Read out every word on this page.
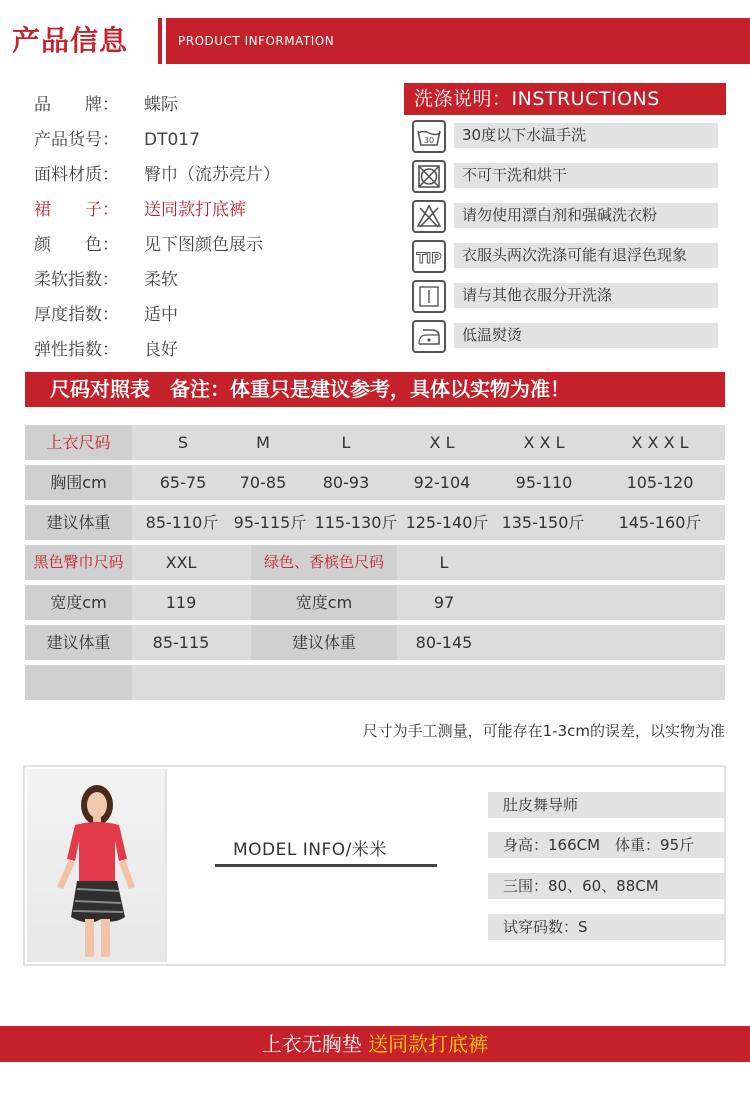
产品信息	PRODUCT INFORMATION
品　　牌：	蝶际
产品货号：	DT017
面料材质：	臀巾（流苏亮片）
裙　　子：	送同款打底裤
颜　　色：	见下图颜色展示
柔软指数：	柔软
厚度指数：	适中
弹性指数：	良好
洗涤说明：INSTRUCTIONS
30	30度以下水温手洗
不可干洗和烘干
请勿使用漂白剂和强碱洗衣粉
TIP	衣服头两次洗涤可能有退浮色现象
请与其他衣服分开洗涤
低温熨烫
尺码对照表　备注：体重只是建议参考，具体以实物为准！
上衣尺码	S	M	L	X L	X X L	X X X L
胸围cm	65-75	70-85	80-93	92-104	95-110	105-120
建议体重	85-110斤 95-115斤 115-130斤 125-140斤 135-150斤	145-160斤
黑色臀巾尺码	XXL	绿色、香槟色尺码	L
宽度cm	119	宽度cm	97
建议体重	85-115	建议体重	80-145
尺寸为手工测量，可能存在1-3cm的误差，以实物为准
MODEL INFO/米米
肚皮舞导师
身高：166CM　体重：95斤
三围：80、60、88CM
试穿码数：S
上衣无胸垫 送同款打底裤
